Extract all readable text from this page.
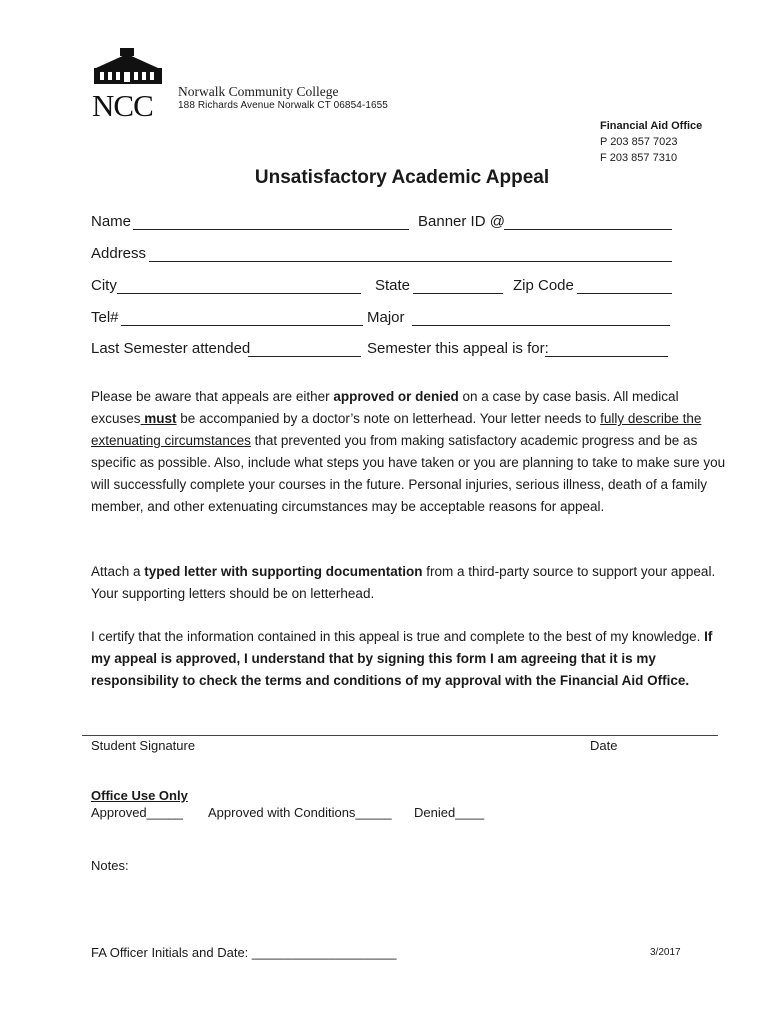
NCC Norwalk Community College
188 Richards Avenue Norwalk CT 06854-1655
Financial Aid Office
P 203 857 7023
F 203 857 7310
Unsatisfactory Academic Appeal
Name	Banner ID @
Address
City	State	Zip Code
Tel#	Major
Last Semester attended	Semester this appeal is for:
Please be aware that appeals are either approved or denied on a case by case basis. All medical excuses must be accompanied by a doctor’s note on letterhead. Your letter needs to fully describe the extenuating circumstances that prevented you from making satisfactory academic progress and be as specific as possible. Also, include what steps you have taken or you are planning to take to make sure you will successfully complete your courses in the future. Personal injuries, serious illness, death of a family member, and other extenuating circumstances may be acceptable reasons for appeal.
Attach a typed letter with supporting documentation from a third-party source to support your appeal. Your supporting letters should be on letterhead.
I certify that the information contained in this appeal is true and complete to the best of my knowledge. If my appeal is approved, I understand that by signing this form I am agreeing that it is my responsibility to check the terms and conditions of my approval with the Financial Aid Office.
Student Signature	Date
Office Use Only
Approved_____ Approved with Conditions_____ Denied____
Notes:
FA Officer Initials and Date: ____________________	3/2017
